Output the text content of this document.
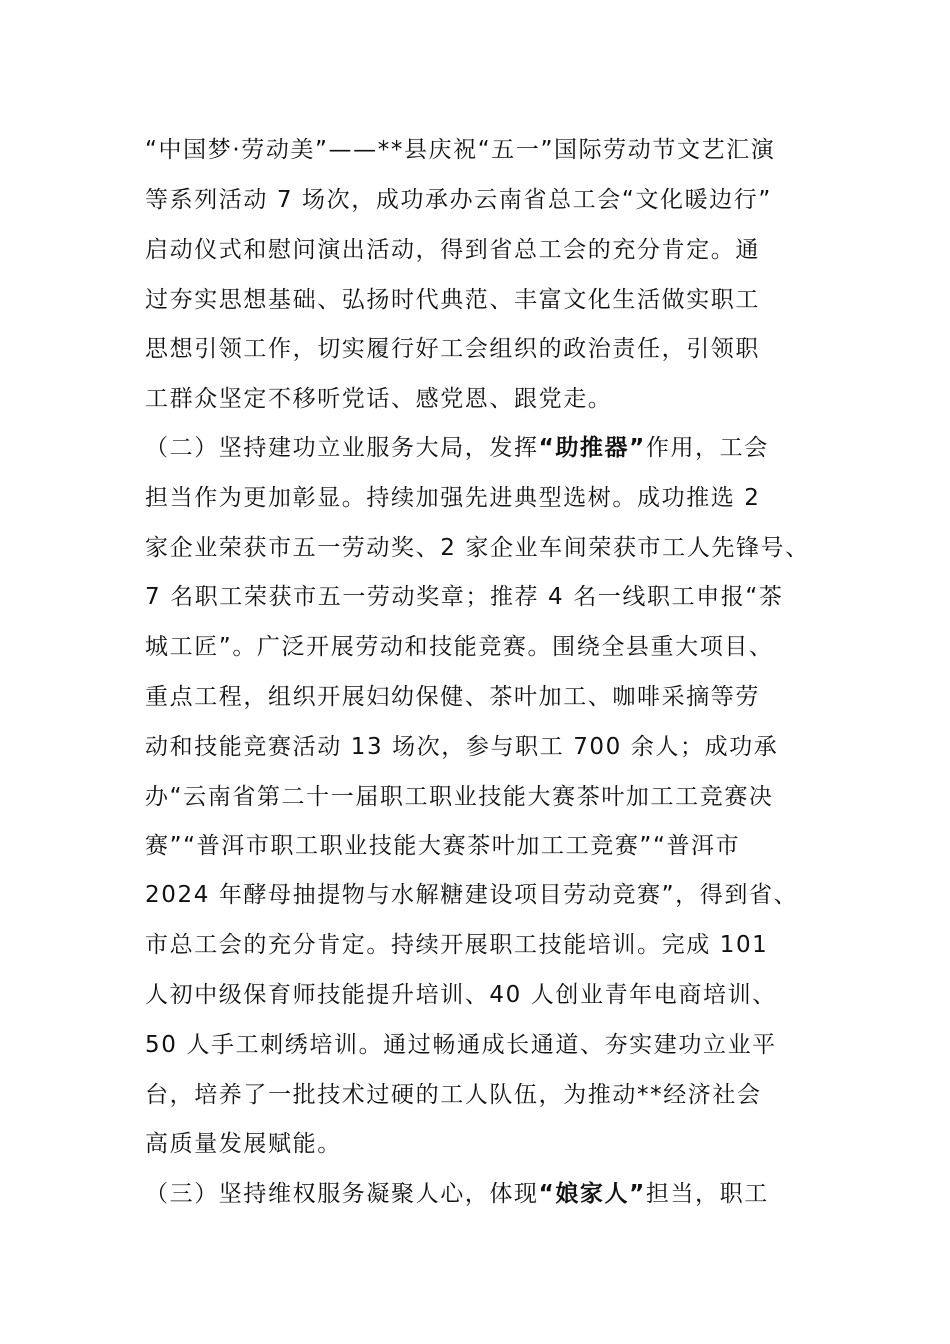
“中国梦·劳动美”——**县庆祝“五一”国际劳动节文艺汇演
等系列活动 7 场次，成功承办云南省总工会“文化暖边行”
启动仪式和慰问演出活动，得到省总工会的充分肯定。通
过夯实思想基础、弘扬时代典范、丰富文化生活做实职工
思想引领工作，切实履行好工会组织的政治责任，引领职
工群众坚定不移听党话、感党恩、跟党走。
（二）坚持建功立业服务大局，发挥“助推器”作用，工会
担当作为更加彰显。持续加强先进典型选树。成功推选 2
家企业荣获市五一劳动奖、2 家企业车间荣获市工人先锋号、
7 名职工荣获市五一劳动奖章；推荐 4 名一线职工申报“茶
城工匠”。广泛开展劳动和技能竞赛。围绕全县重大项目、
重点工程，组织开展妇幼保健、茶叶加工、咖啡采摘等劳
动和技能竞赛活动 13 场次，参与职工 700 余人；成功承
办“云南省第二十一届职工职业技能大赛茶叶加工工竞赛决
赛”“普洱市职工职业技能大赛茶叶加工工竞赛”“普洱市
2024 年酵母抽提物与水解糖建设项目劳动竞赛”，得到省、
市总工会的充分肯定。持续开展职工技能培训。完成 101
人初中级保育师技能提升培训、40 人创业青年电商培训、
50 人手工刺绣培训。通过畅通成长通道、夯实建功立业平
台，培养了一批技术过硬的工人队伍，为推动**经济社会
高质量发展赋能。
（三）坚持维权服务凝聚人心，体现“娘家人”担当，职工
